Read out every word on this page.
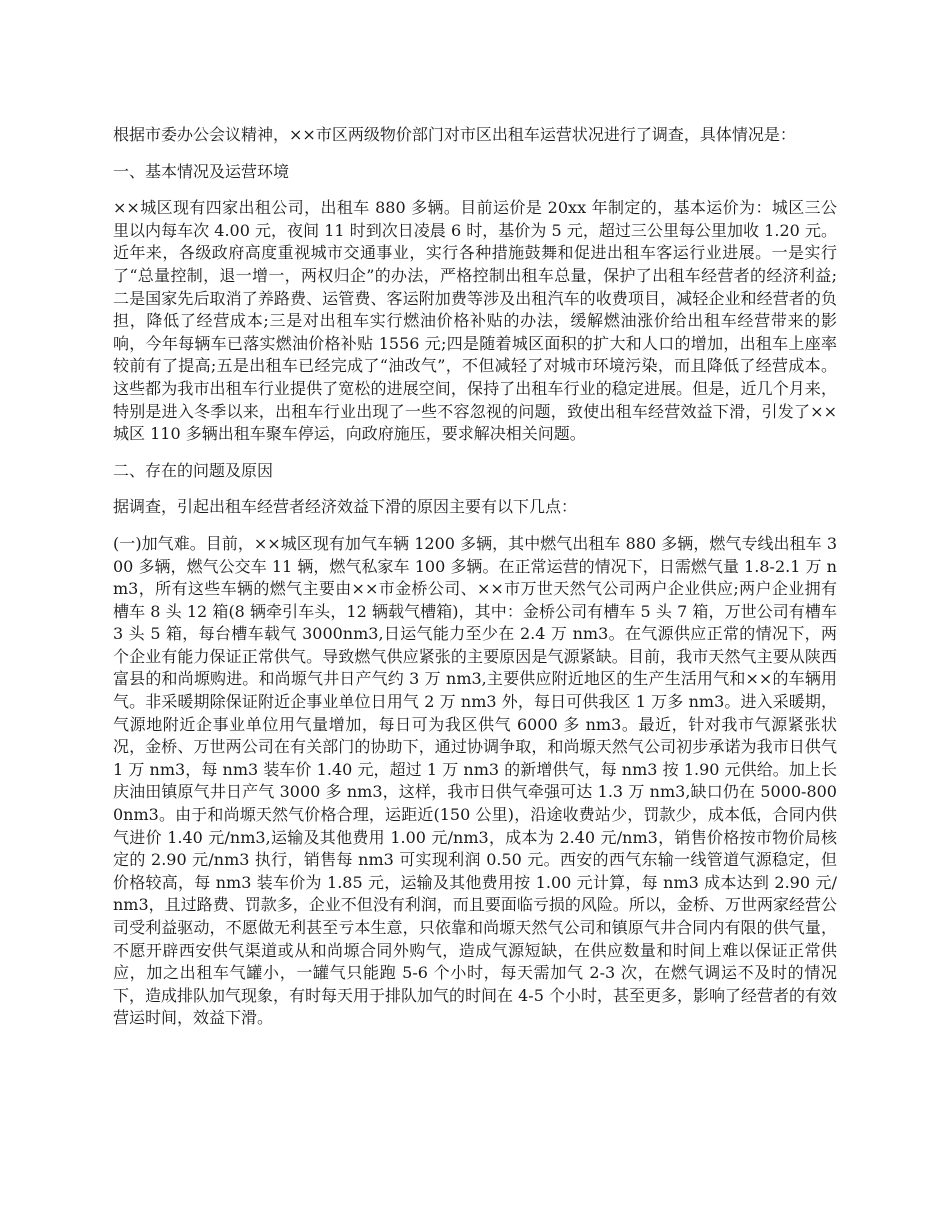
根据市委办公会议精神，××市区两级物价部门对市区出租车运营状况进行了调查，具体情况是：

一、基本情况及运营环境

××城区现有四家出租公司，出租车 880 多辆。目前运价是 20xx 年制定的，基本运价为：城区三公里以内每车次 4.00 元，夜间 11 时到次日凌晨 6 时，基价为 5 元，超过三公里每公里加收 1.20 元。近年来，各级政府高度重视城市交通事业，实行各种措施鼓舞和促进出租车客运行业进展。一是实行了“总量控制，退一增一，两权归企”的办法，严格控制出租车总量，保护了出租车经营者的经济利益;二是国家先后取消了养路费、运管费、客运附加费等涉及出租汽车的收费项目，减轻企业和经营者的负担，降低了经营成本;三是对出租车实行燃油价格补贴的办法，缓解燃油涨价给出租车经营带来的影响，今年每辆车已落实燃油价格补贴 1556 元;四是随着城区面积的扩大和人口的增加，出租车上座率较前有了提高;五是出租车已经完成了“油改气”，不但减轻了对城市环境污染，而且降低了经营成本。这些都为我市出租车行业提供了宽松的进展空间，保持了出租车行业的稳定进展。但是，近几个月来，特别是进入冬季以来，出租车行业出现了一些不容忽视的问题，致使出租车经营效益下滑，引发了××城区 110 多辆出租车聚车停运，向政府施压，要求解决相关问题。

二、存在的问题及原因

据调查，引起出租车经营者经济效益下滑的原因主要有以下几点：

(一)加气难。目前，××城区现有加气车辆 1200 多辆，其中燃气出租车 880 多辆，燃气专线出租车 300 多辆，燃气公交车 11 辆，燃气私家车 100 多辆。在正常运营的情况下，日需燃气量 1.8-2.1 万 nm3，所有这些车辆的燃气主要由××市金桥公司、××市万世天然气公司两户企业供应;两户企业拥有槽车 8 头 12 箱(8 辆牵引车头，12 辆载气槽箱)，其中：金桥公司有槽车 5 头 7 箱，万世公司有槽车 3 头 5 箱，每台槽车载气 3000nm3,日运气能力至少在 2.4 万 nm3。在气源供应正常的情况下，两个企业有能力保证正常供气。导致燃气供应紧张的主要原因是气源紧缺。目前，我市天然气主要从陕西富县的和尚塬购进。和尚塬气井日产气约 3 万 nm3,主要供应附近地区的生产生活用气和××的车辆用气。非采暖期除保证附近企事业单位日用气 2 万 nm3 外，每日可供我区 1 万多 nm3。进入采暖期，气源地附近企事业单位用气量增加，每日可为我区供气 6000 多 nm3。最近，针对我市气源紧张状况，金桥、万世两公司在有关部门的协助下，通过协调争取，和尚塬天然气公司初步承诺为我市日供气 1 万 nm3，每 nm3 装车价 1.40 元，超过 1 万 nm3 的新增供气，每 nm3 按 1.90 元供给。加上长庆油田镇原气井日产气 3000 多 nm3，这样，我市日供气牵强可达 1.3 万 nm3,缺口仍在 5000-8000nm3。由于和尚塬天然气价格合理，运距近(150 公里)，沿途收费站少，罚款少，成本低，合同内供气进价 1.40 元/nm3,运输及其他费用 1.00 元/nm3，成本为 2.40 元/nm3，销售价格按市物价局核定的 2.90 元/nm3 执行，销售每 nm3 可实现利润 0.50 元。西安的西气东输一线管道气源稳定，但价格较高，每 nm3 装车价为 1.85 元，运输及其他费用按 1.00 元计算，每 nm3 成本达到 2.90 元/nm3，且过路费、罚款多，企业不但没有利润，而且要面临亏损的风险。所以，金桥、万世两家经营公司受利益驱动，不愿做无利甚至亏本生意，只依靠和尚塬天然气公司和镇原气井合同内有限的供气量，不愿开辟西安供气渠道或从和尚塬合同外购气，造成气源短缺，在供应数量和时间上难以保证正常供应，加之出租车气罐小，一罐气只能跑 5-6 个小时，每天需加气 2-3 次，在燃气调运不及时的情况下，造成排队加气现象，有时每天用于排队加气的时间在 4-5 个小时，甚至更多，影响了经营者的有效营运时间，效益下滑。
